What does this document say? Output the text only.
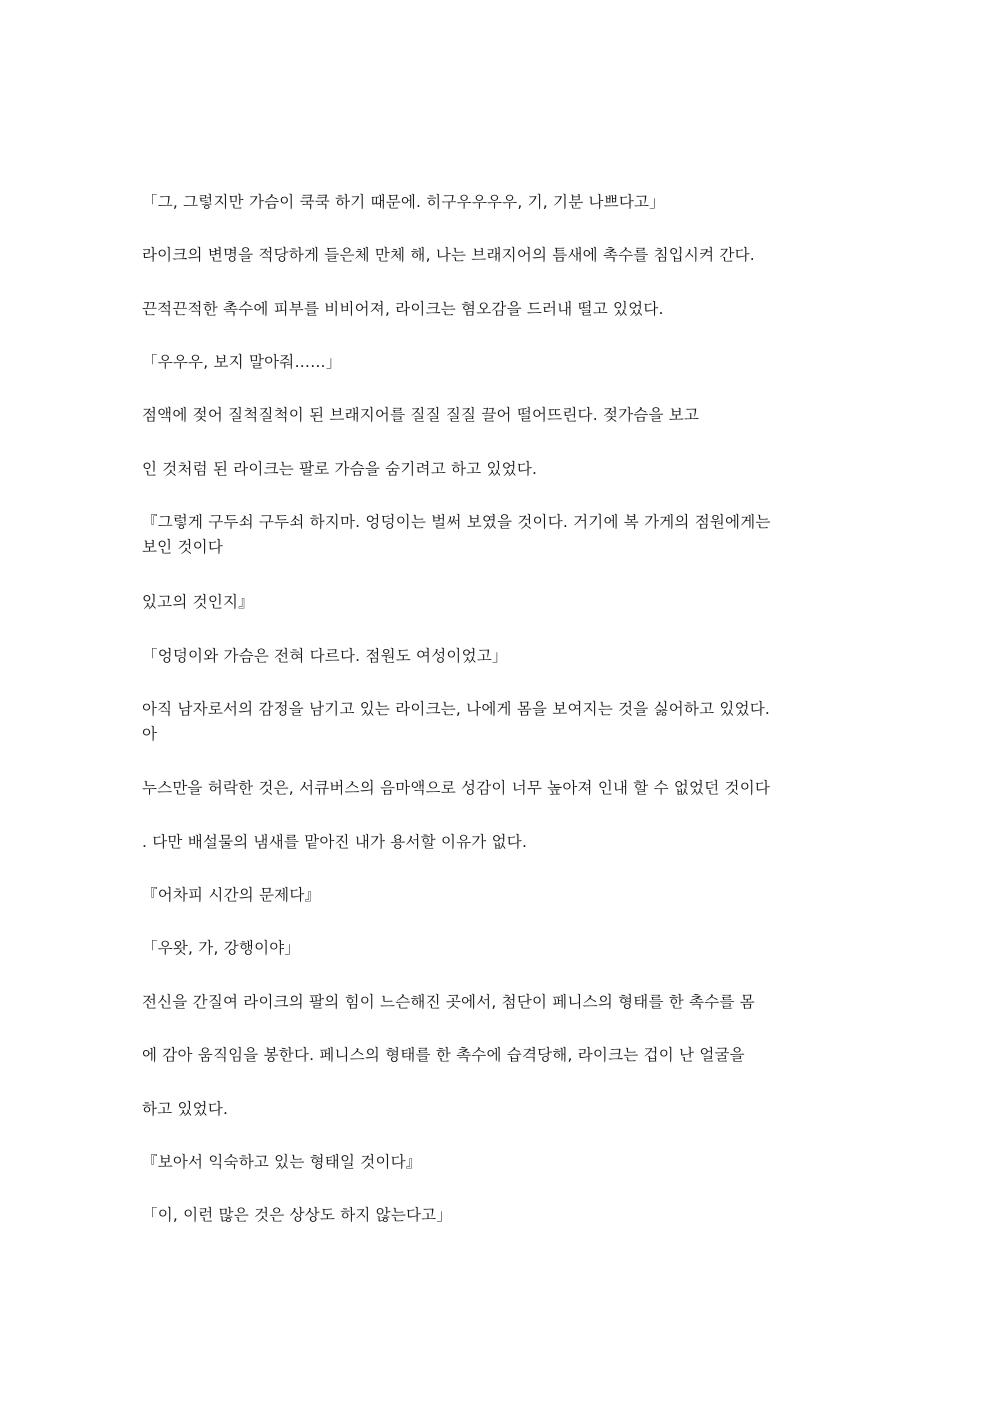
「그, 그렇지만 가슴이 쿡쿡 하기 때문에. 히구우우우우, 기, 기분 나쁘다고」
라이크의 변명을 적당하게 들은체 만체 해, 나는 브래지어의 틈새에 촉수를 침입시켜 간다.
끈적끈적한 촉수에 피부를 비비어져, 라이크는 혐오감을 드러내 떨고 있었다.
「우우우, 보지 말아줘……」
점액에 젖어 질척질척이 된 브래지어를 질질 질질 끌어 떨어뜨린다. 젖가슴을 보고
인 것처럼 된 라이크는 팔로 가슴을 숨기려고 하고 있었다.
『그렇게 구두쇠 구두쇠 하지마. 엉덩이는 벌써 보였을 것이다. 거기에 복 가게의 점원에게는
보인 것이다
있고의 것인지』
「엉덩이와 가슴은 전혀 다르다. 점원도 여성이었고」
아직 남자로서의 감정을 남기고 있는 라이크는, 나에게 몸을 보여지는 것을 싫어하고 있었다.
아
누스만을 허락한 것은, 서큐버스의 음마액으로 성감이 너무 높아져 인내 할 수 없었던 것이다
. 다만 배설물의 냄새를 맡아진 내가 용서할 이유가 없다.
『어차피 시간의 문제다』
「우왓, 가, 강행이야」
전신을 간질여 라이크의 팔의 힘이 느슨해진 곳에서, 첨단이 페니스의 형태를 한 촉수를 몸
에 감아 움직임을 봉한다. 페니스의 형태를 한 촉수에 습격당해, 라이크는 겁이 난 얼굴을
하고 있었다.
『보아서 익숙하고 있는 형태일 것이다』
「이, 이런 많은 것은 상상도 하지 않는다고」
